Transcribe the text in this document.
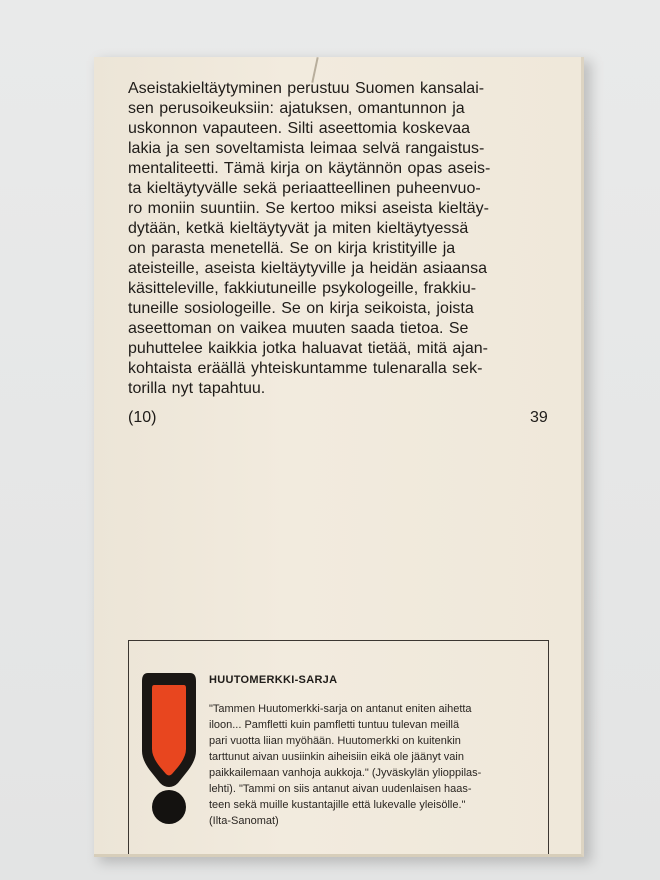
Aseistakieltäytyminen perustuu Suomen kansalai-
sen perusoikeuksiin: ajatuksen, omantunnon ja
uskonnon vapauteen. Silti aseettomia koskevaa
lakia ja sen soveltamista leimaa selvä rangaistus-
mentaliteetti. Tämä kirja on käytännön opas aseis-
ta kieltäytyvälle sekä periaatteellinen puheenvuo-
ro moniin suuntiin. Se kertoo miksi aseista kieltäy-
dytään, ketkä kieltäytyvät ja miten kieltäytyessä
on parasta menetellä. Se on kirja kristityille ja
ateisteille, aseista kieltäytyville ja heidän asiaansa
käsitteleville, fakkiutuneille psykologeille, frakkiu-
tuneille sosiologeille. Se on kirja seikoista, joista
aseettoman on vaikea muuten saada tietoa. Se
puhuttelee kaikkia jotka haluavat tietää, mitä ajan-
kohtaista eräällä yhteiskuntamme tulenaralla sek-
torilla nyt tapahtuu.

(10)	39
HUUTOMERKKI-SARJA
"Tammen Huutomerkki-sarja on antanut eniten aihetta
iloon... Pamfletti kuin pamfletti tuntuu tulevan meillä
pari vuotta liian myöhään. Huutomerkki on kuitenkin
tarttunut aivan uusiinkin aiheisiin eikä ole jäänyt vain
paikkailemaan vanhoja aukkoja." (Jyväskylän ylioppilas-
lehti). "Tammi on siis antanut aivan uudenlaisen haas-
teen sekä muille kustantajille että lukevalle yleisölle."
(Ilta-Sanomat)
